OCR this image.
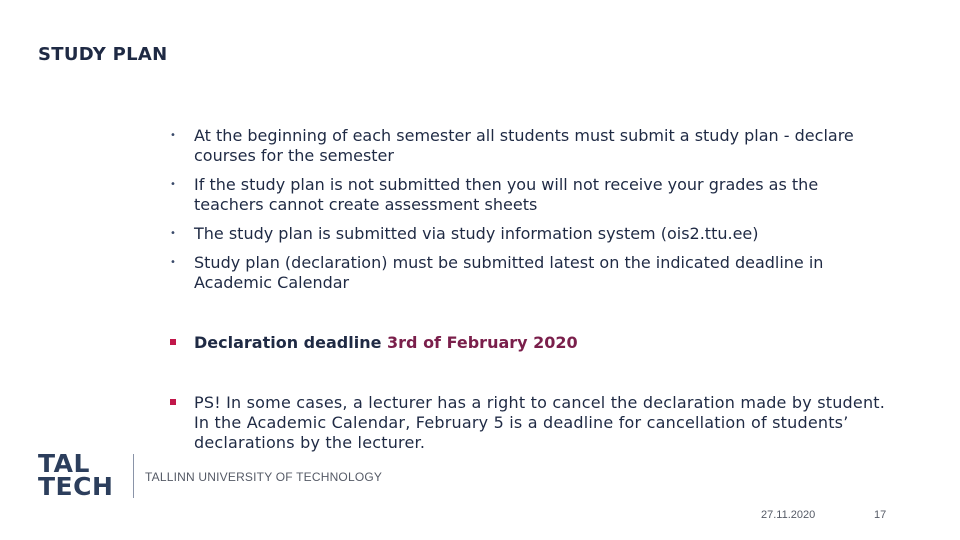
STUDY PLAN
• At the beginning of each semester all students must submit a study plan - declare courses for the semester
• If the study plan is not submitted then you will not receive your grades as the teachers cannot create assessment sheets
• The study plan is submitted via study information system (ois2.ttu.ee)
• Study plan (declaration) must be submitted latest on the indicated deadline in Academic Calendar
Declaration deadline 3rd of February 2020
PS! In some cases, a lecturer has a right to cancel the declaration made by student. In the Academic Calendar, February 5 is a deadline for cancellation of students’ declarations by the lecturer.
TAL
TECH	TALLINN UNIVERSITY OF TECHNOLOGY
27.11.2020	17
